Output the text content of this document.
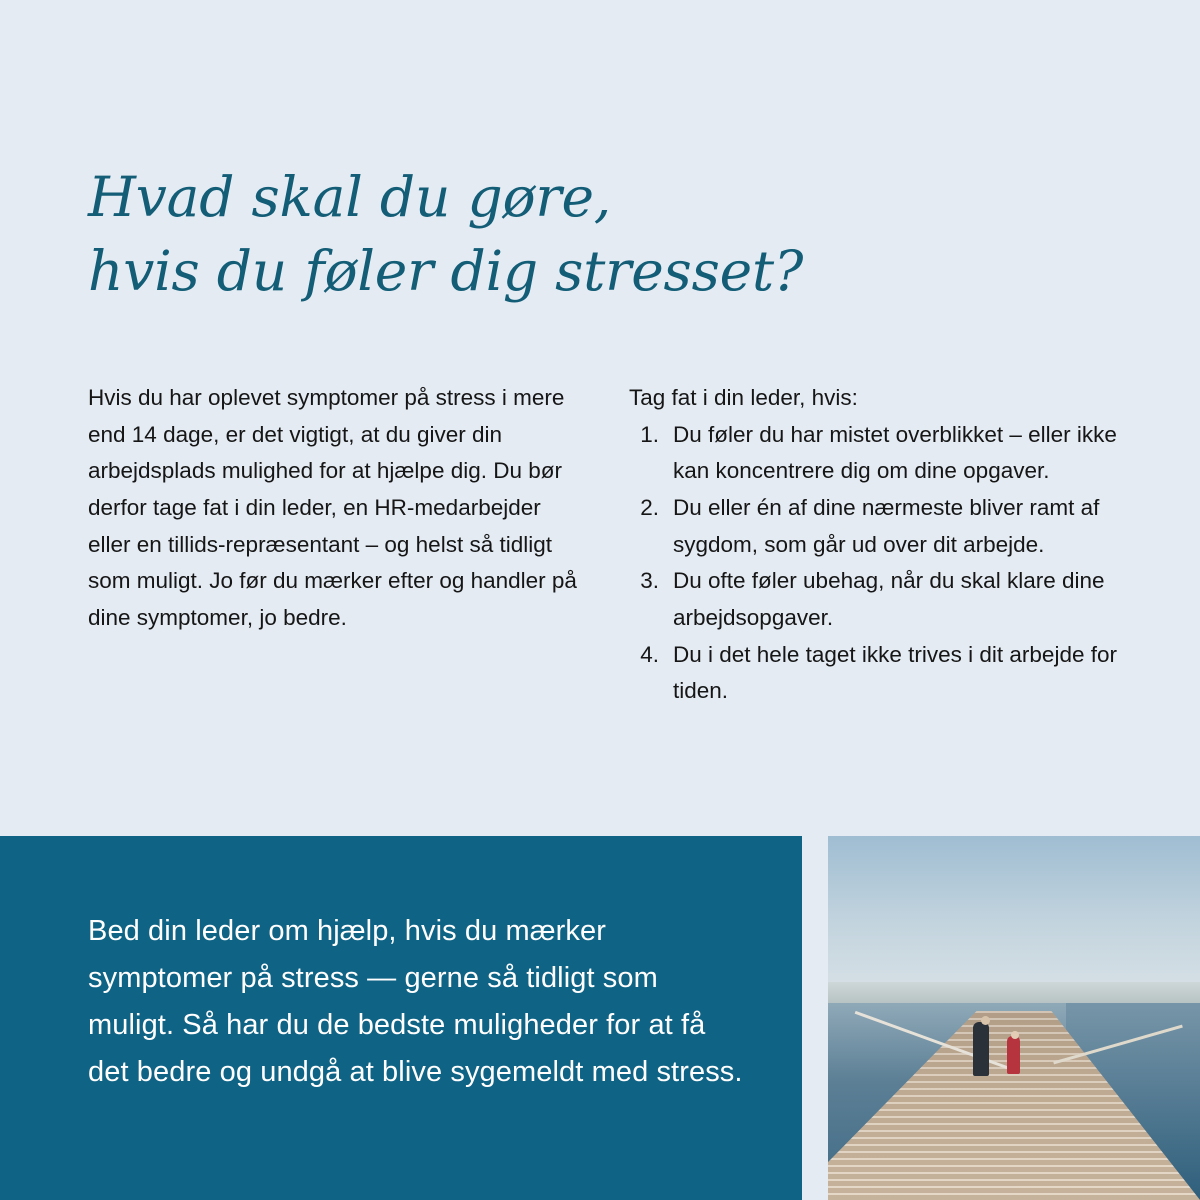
Hvad skal du gøre,
hvis du føler dig stresset?

Hvis du har oplevet symptomer på stress i mere end 14 dage, er det vigtigt, at du giver din arbejdsplads mulighed for at hjælpe dig. Du bør derfor tage fat i din leder, en HR-medarbejder eller en tillids-repræsentant – og helst så tidligt som muligt. Jo før du mærker efter og handler på dine symptomer, jo bedre.

Tag fat i din leder, hvis:

1. Du føler du har mistet overblikket – eller ikke kan koncentrere dig om dine opgaver.
2. Du eller én af dine nærmeste bliver ramt af sygdom, som går ud over dit arbejde.
3. Du ofte føler ubehag, når du skal klare dine arbejdsopgaver.
4. Du i det hele taget ikke trives i dit arbejde for tiden.

Bed din leder om hjælp, hvis du mærker symptomer på stress — gerne så tidligt som muligt. Så har du de bedste muligheder for at få det bedre og undgå at blive sygemeldt med stress.
